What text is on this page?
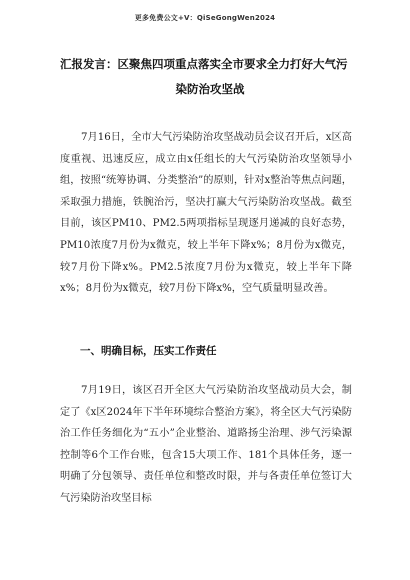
更多免费公文+V：QiSeGongWen2024
汇报发言：区聚焦四项重点落实全市要求全力打好大气污
染防治攻坚战

7月16日，全市大气污染防治攻坚战动员会议召开后，x区高度重视、迅速反应，成立由x任组长的大气污染防治攻坚领导小组，按照“统筹协调、分类整治”的原则，针对x整治等焦点问题，采取强力措施，铁腕治污，坚决打赢大气污染防治攻坚战。截至目前，该区PM10、PM2.5两项指标呈现逐月递减的良好态势，PM10浓度7月份为x微克，较上半年下降x%；8月份为x微克，较7月份下降x%。PM2.5浓度7月份为x微克，较上半年下降x%；8月份为x微克，较7月份下降x%，空气质量明显改善。

一、明确目标，压实工作责任

7月19日，该区召开全区大气污染防治攻坚战动员大会，制定了《x区2024年下半年环境综合整治方案》，将全区大气污染防治工作任务细化为“五小”企业整治、道路扬尘治理、涉气污染源控制等6个工作台账，包含15大项工作、181个具体任务，逐一明确了分包领导、责任单位和整改时限，并与各责任单位签订大气污染防治攻坚目标
